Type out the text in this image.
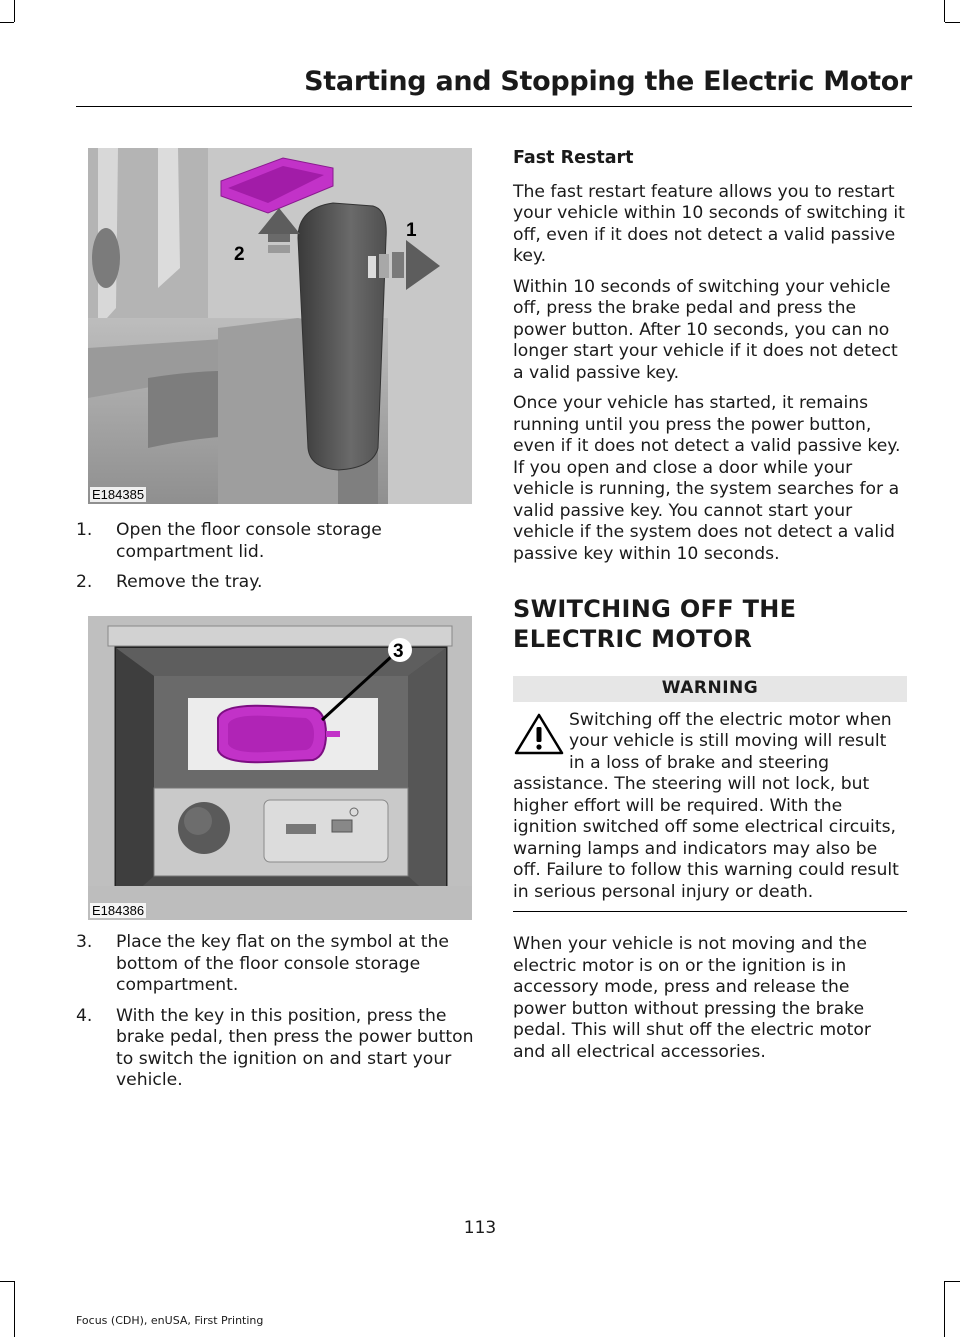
Starting and Stopping the Electric Motor
2
1
E184385
1. Open the floor console storage compartment lid.
2. Remove the tray.
3
E184386
3. Place the key flat on the symbol at the bottom of the floor console storage compartment.
4. With the key in this position, press the brake pedal, then press the power button to switch the ignition on and start your vehicle.
Fast Restart

The fast restart feature allows you to restart your vehicle within 10 seconds of switching it off, even if it does not detect a valid passive key.

Within 10 seconds of switching your vehicle off, press the brake pedal and press the power button. After 10 seconds, you can no longer start your vehicle if it does not detect a valid passive key.

Once your vehicle has started, it remains running until you press the power button, even if it does not detect a valid passive key. If you open and close a door while your vehicle is running, the system searches for a valid passive key. You cannot start your vehicle if the system does not detect a valid passive key within 10 seconds.

SWITCHING OFF THE
ELECTRIC MOTOR
WARNING
Switching off the electric motor when your vehicle is still moving will result in a loss of brake and steering assistance. The steering will not lock, but higher effort will be required. With the ignition switched off some electrical circuits, warning lamps and indicators may also be off. Failure to follow this warning could result in serious personal injury or death.

When your vehicle is not moving and the electric motor is on or the ignition is in accessory mode, press and release the power button without pressing the brake pedal. This will shut off the electric motor and all electrical accessories.

113
Focus (CDH), enUSA, First Printing
